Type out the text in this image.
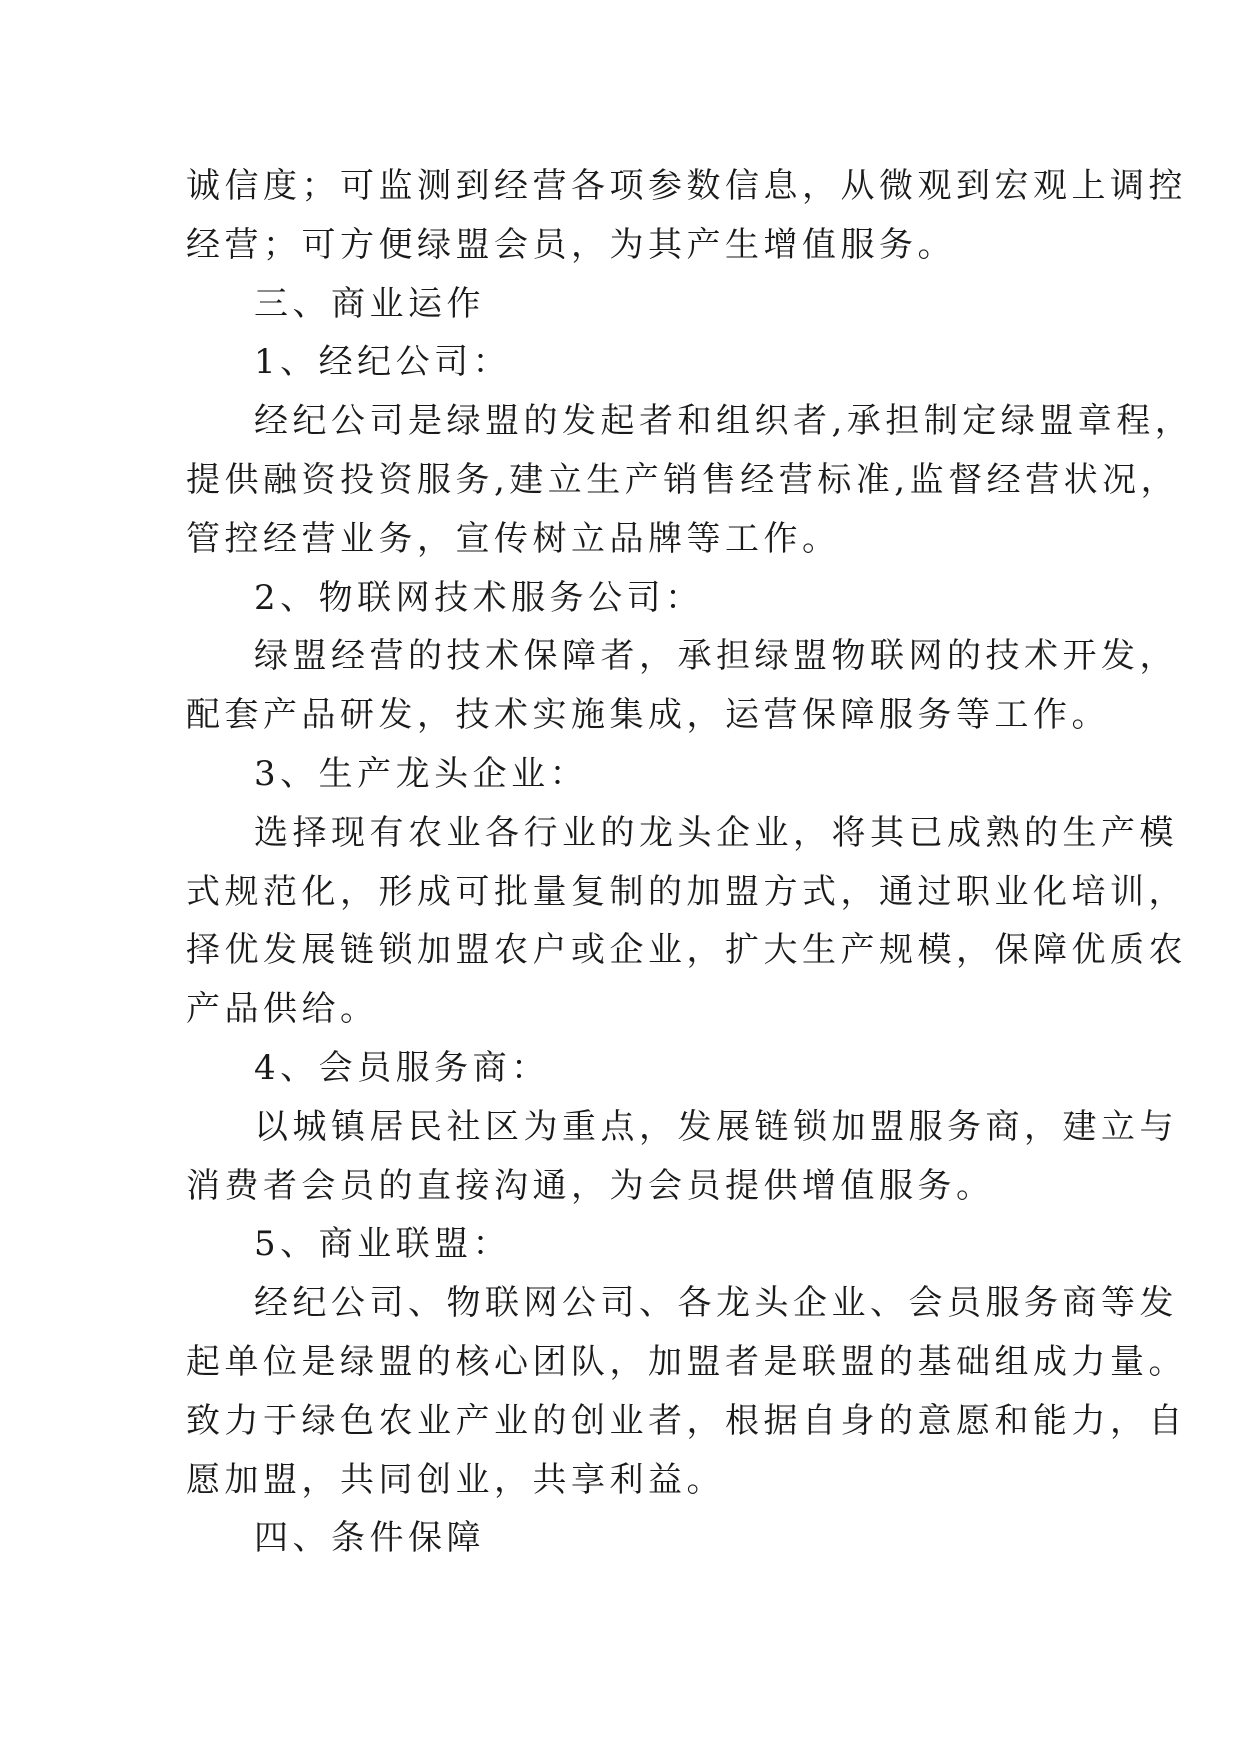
诚信度；可监测到经营各项参数信息，从微观到宏观上调控

经营；可方便绿盟会员，为其产生增值服务。

三、商业运作

1、经纪公司：

经纪公司是绿盟的发起者和组织者,承担制定绿盟章程，

提供融资投资服务,建立生产销售经营标准,监督经营状况，

管控经营业务，宣传树立品牌等工作。

2、物联网技术服务公司：

绿盟经营的技术保障者，承担绿盟物联网的技术开发，

配套产品研发，技术实施集成，运营保障服务等工作。

3、生产龙头企业：

选择现有农业各行业的龙头企业，将其已成熟的生产模

式规范化，形成可批量复制的加盟方式，通过职业化培训，

择优发展链锁加盟农户或企业，扩大生产规模，保障优质农

产品供给。

4、会员服务商：

以城镇居民社区为重点，发展链锁加盟服务商，建立与

消费者会员的直接沟通，为会员提供增值服务。

5、商业联盟：

经纪公司、物联网公司、各龙头企业、会员服务商等发

起单位是绿盟的核心团队，加盟者是联盟的基础组成力量。

致力于绿色农业产业的创业者，根据自身的意愿和能力，自

愿加盟，共同创业，共享利益。

四、条件保障
